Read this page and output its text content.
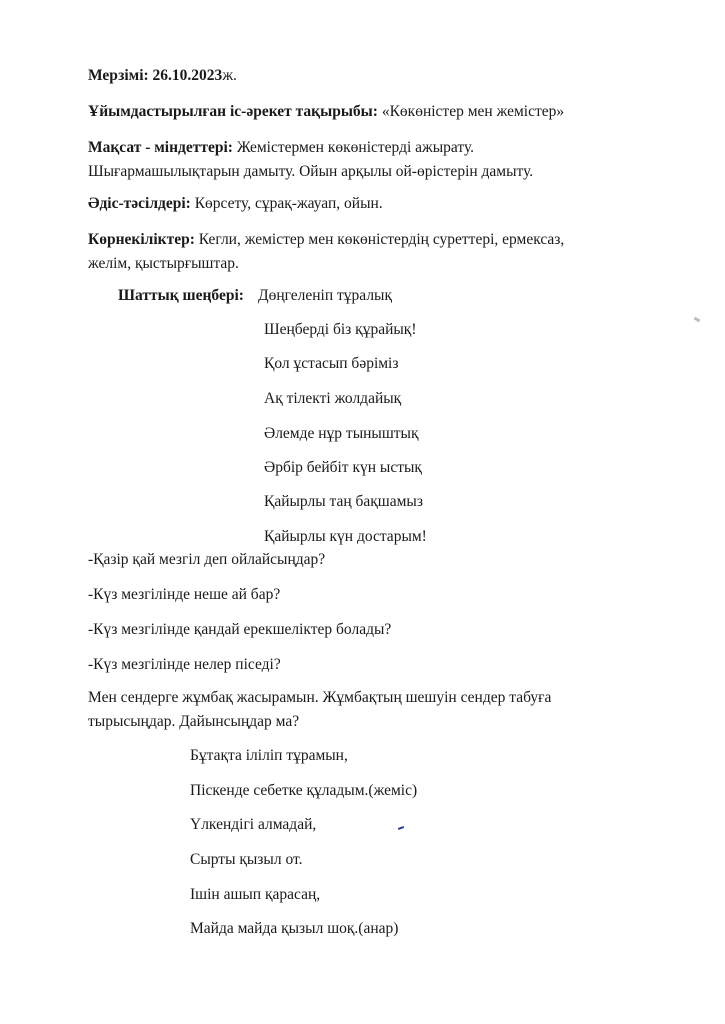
Мерзімі: 26.10.2023ж.
Ұйымдастырылған іс-әрекет тақырыбы: «Көкөністер мен жемістер»
Мақсат - міндеттері: Жемістермен көкөністерді ажырату.
Шығармашылықтарын дамыту. Ойын арқылы ой-өрістерін дамыту.
Әдіс-тәсілдері: Көрсету, сұрақ-жауап, ойын.
Көрнекіліктер: Кегли, жемістер мен көкөністердің суреттері, ермексаз,
желім, қыстырғыштар.
Шаттық шеңбері: Дөңгеленіп тұралық
Шеңберді біз құрайық!
Қол ұстасып бәріміз
Ақ тілекті жолдайық
Әлемде нұр тыныштық
Әрбір бейбіт күн ыстық
Қайырлы таң бақшамыз
Қайырлы күн достарым!
-Қазір қай мезгіл деп ойлайсыңдар?
-Күз мезгілінде неше ай бар?
-Күз мезгілінде қандай ерекшеліктер болады?
-Күз мезгілінде нелер піседі?
Мен сендерге жұмбақ жасырамын. Жұмбақтың шешуін сендер табуға
тырысыңдар. Дайынсыңдар ма?
Бұтақта іліліп тұрамын,
Піскенде себетке құладым.(жеміс)
Үлкендігі алмадай,
Сырты қызыл от.
Ішін ашып қарасаң,
Майда майда қызыл шоқ.(анар)
